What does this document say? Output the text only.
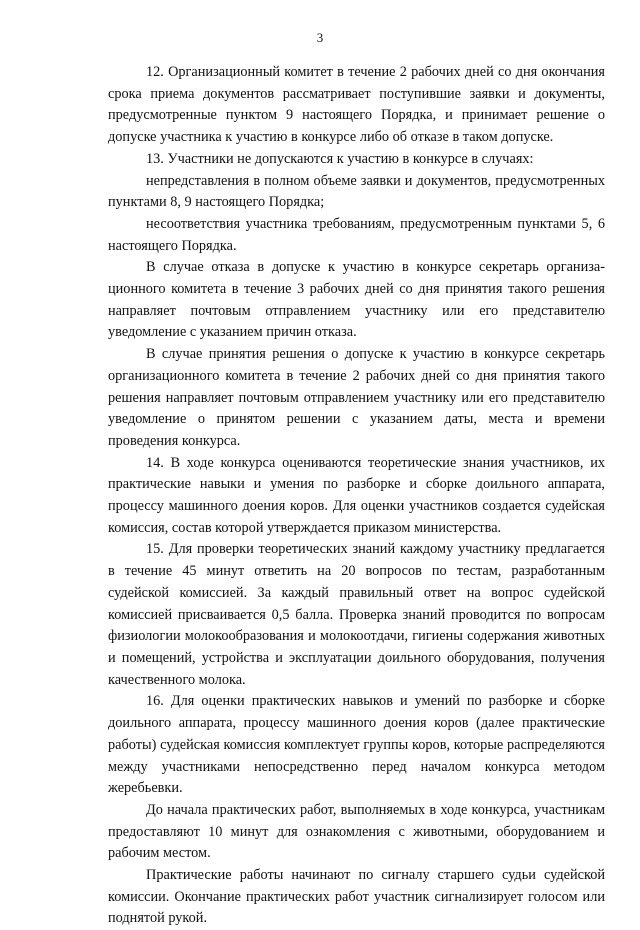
3

12. Организационный комитет в течение 2 рабочих дней со дня окончания срока приема документов рассматривает поступившие заявки и документы, предусмотренные пунктом 9 настоящего Порядка, и принимает решение о допуске участника к участию в конкурсе либо об отказе в таком допуске.

13. Участники не допускаются к участию в конкурсе в случаях:

непредставления в полном объеме заявки и документов, предусмотренных пунктами 8, 9 настоящего Порядка;

несоответствия участника требованиям, предусмотренным пунктами 5, 6 настоящего Порядка.

В случае отказа в допуске к участию в конкурсе секретарь организационного комитета в течение 3 рабочих дней со дня принятия такого решения направляет почтовым отправлением участнику или его представителю уведомление с указанием причин отказа.

В случае принятия решения о допуске к участию в конкурсе секретарь организационного комитета в течение 2 рабочих дней со дня принятия такого решения направляет почтовым отправлением участнику или его представителю уведомление о принятом решении с указанием даты, места и времени проведения конкурса.

14. В ходе конкурса оцениваются теоретические знания участников, их практические навыки и умения по разборке и сборке доильного аппарата, процессу машинного доения коров. Для оценки участников создается судейская комиссия, состав которой утверждается приказом министерства.

15. Для проверки теоретических знаний каждому участнику предлагается в течение 45 минут ответить на 20 вопросов по тестам, разработанным судейской комиссией. За каждый правильный ответ на вопрос судейской комиссией присваивается 0,5 балла. Проверка знаний проводится по вопросам физиологии молокообразования и молокоотдачи, гигиены содержания животных и помещений, устройства и эксплуатации доильного оборудования, получения качественного молока.

16. Для оценки практических навыков и умений по разборке и сборке доильного аппарата, процессу машинного доения коров (далее практические работы) судейская комиссия комплектует группы коров, которые распределяются между участниками непосредственно перед началом конкурса методом жеребьевки.

До начала практических работ, выполняемых в ходе конкурса, участникам предоставляют 10 минут для ознакомления с животными, оборудованием и рабочим местом.

Практические работы начинают по сигналу старшего судьи судейской комиссии. Окончание практических работ участник сигнализирует голосом или поднятой рукой.
